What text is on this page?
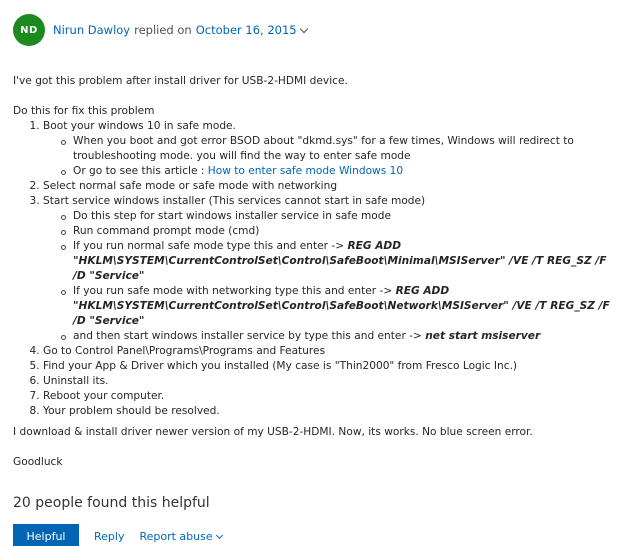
ND	Nirun Dawloy replied on October 16, 2015

I've got this problem after install driver for USB-2-HDMI device.

Do this for fix this problem

1. Boot your windows 10 in safe mode.
When you boot and got error BSOD about "dkmd.sys" for a few times, Windows will redirect to troubleshooting mode. you will find the way to enter safe mode
Or go to see this article : How to enter safe mode Windows 10
2. Select normal safe mode or safe mode with networking
3. Start service windows installer (This services cannot start in safe mode)
Do this step for start windows installer service in safe mode
Run command prompt mode (cmd)
If you run normal safe mode type this and enter -> REG ADD "HKLM\SYSTEM\CurrentControlSet\Control\SafeBoot\Minimal\MSIServer" /VE /T REG_SZ /F /D "Service"
If you run safe mode with networking type this and enter -> REG ADD "HKLM\SYSTEM\CurrentControlSet\Control\SafeBoot\Network\MSIServer" /VE /T REG_SZ /F /D "Service"
and then start windows installer service by type this and enter -> net start msiserver
4. Go to Control Panel\Programs\Programs and Features
5. Find your App & Driver which you installed (My case is "Thin2000" from Fresco Logic Inc.)
6. Uninstall its.
7. Reboot your computer.
8. Your problem should be resolved.

I download & install driver newer version of my USB-2-HDMI. Now, its works. No blue screen error.

Goodluck

20 people found this helpful
Helpful	Reply Report abuse
